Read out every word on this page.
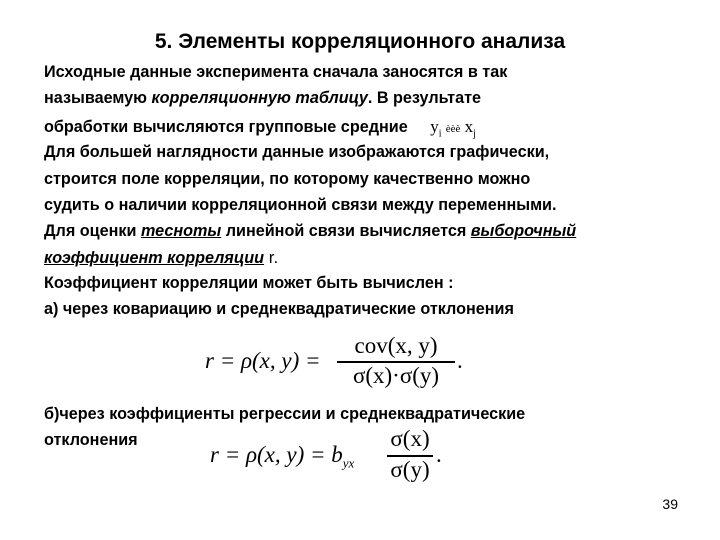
5. Элементы корреляционного анализа
Исходные данные эксперимента сначала заносятся в так
называемую корреляционную таблицу. В результате
обработки вычисляются групповые средние $y_i$ èèè $x_j$
Для большей наглядности данные изображаются графически,
строится поле корреляции, по которому качественно можно
судить о наличии корреляционной связи между переменными.
Для оценки тесноты линейной связи вычисляется выборочный
коэффициент корреляции r.
Коэффициент корреляции может быть вычислен :
а) через ковариацию и среднеквадратические отклонения
r = ρ(x, y) =
cov(x, y)
σ(x)·σ(y)
.
б)через коэффициенты регрессии и среднеквадратические
отклонения
r = ρ(x, $y) = b_{yx}$
σ(x)
σ(y)
.
39
